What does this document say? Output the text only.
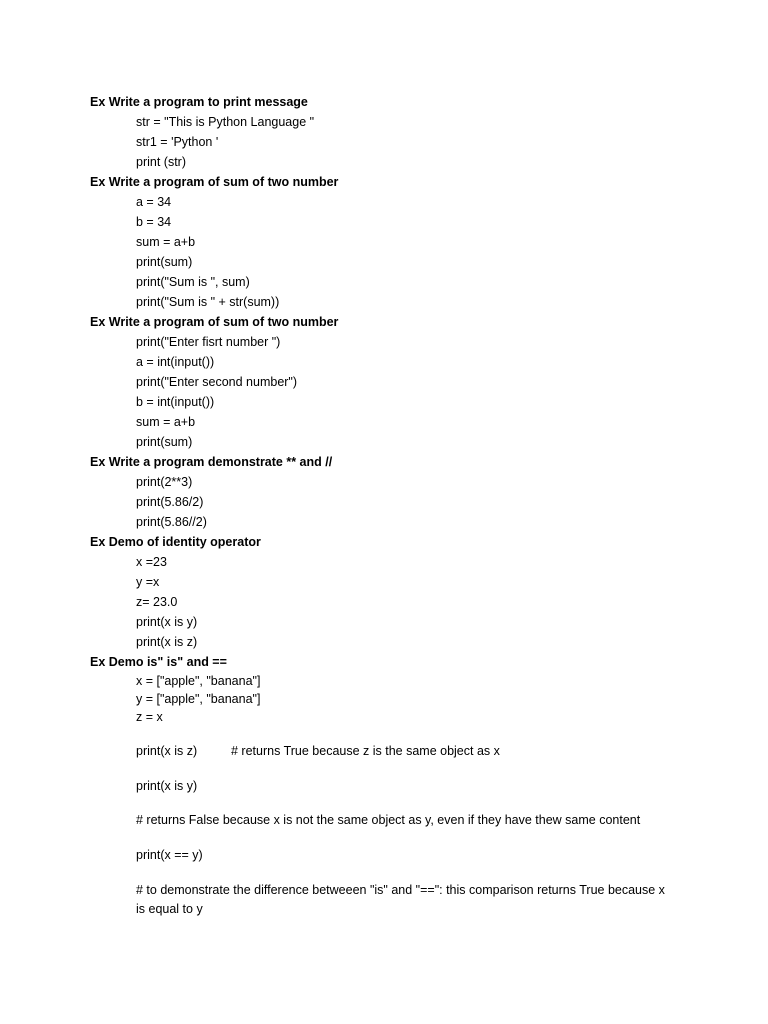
Ex Write a program to print message

str = "This is Python Language "

str1 = 'Python '

print (str)

Ex Write a program of sum of two number

a = 34

b = 34

sum = a+b

print(sum)

print("Sum is ", sum)

print("Sum is " + str(sum))

Ex Write a program of sum of two number

print("Enter fisrt number ")

a = int(input())

print("Enter second number")

b = int(input())

sum = a+b

print(sum)

Ex Write a program demonstrate ** and //

print(2**3)

print(5.86/2)

print(5.86//2)

Ex Demo of identity operator

x =23

y =x

z= 23.0

print(x is y)

print(x is z)

Ex Demo is" is" and ==

x = ["apple", "banana"]

y = ["apple", "banana"]

z = x

print(x is z)	# returns True because z is the same object as x

print(x is y)

# returns False because x is not the same object as y, even if they have thew same content

print(x == y)

# to demonstrate the difference betweeen "is" and "==": this comparison returns True because x

is equal to y
